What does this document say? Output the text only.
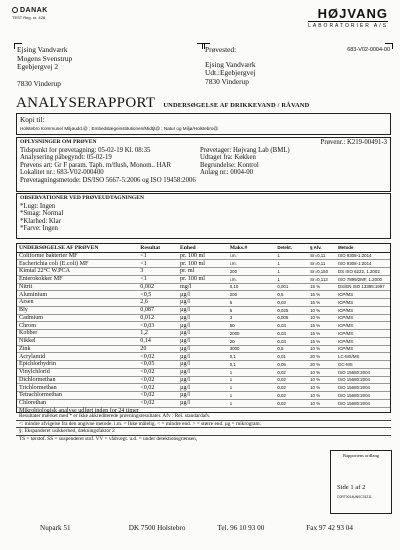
DANAK
TEST Reg. nr. 428	HØJVANG
LABORATORIER A/S
Ejsing Vandværk
Mogens Svenstrup
Egebjergvej 2

7830 Vinderup
Prøvested:	683-V02-0004-00
Ejsing Vandværk
Udt.:Egebjergvej
7830 Vinderup
ANALYSERAPPORT UNDERSØGELSE AF DRIKKEVAND / RÅVAND
Kopi til:
Holstebro Kommune/ Miljøudd.@ ; Embedslægeinstitutionen/Midtjt@ ; Natur og Miljø/Holstebro@
OPLYSNINGER OM PRØVEN	Prøvenr.: K219-00491-3
Tidspunkt for prøvetagning: 05-02-19 Kl. 08:35	Prøvetager: Højvang Lab (BML)
Analysering påbegyndt: 05-02-19	Udtaget fra: Køkken
Prøvens art: Gr F param. Taph. m/flush, Monom.. HAR	Begrundelse: Kontrol
Lokalitet nr.: 683-V02-000400	Anlæg nr.: 0004-00
Prøvetagningsmetode: DS/ISO 5667-5:2006 og ISO 19458:2006
OBSERVATIONER VED PRØVEUDTAGNINGEN
*Lugt: Ingen
*Smag: Normal
*Klarhed: Klar
*Farve: Ingen
UNDERSØGELSE AF PRØVEN	Resultat	Enhed	Maks.#	Detekt.	§ Afv.	Metode
Coliforme bakterier MF	<1	pr. 100 ml	i.m.	1	Sr=0,11	ISO 9308-1:2014
Escherichia coli (E.coli) MF	<1	pr. 100 ml	i.m.	1	Sr=0,11	ISO 9308-1:2014
Kimtal 22°C W.PCA	3	pr. ml	200	1	Sr=0,150	DS ISO 6222, 1.2002
Enterokokker MF	<1	pr. 100 ml	i.m.	1	Sr=0,113	ISO 7899/2MF, 1.2000
Nitrit	0,002	mg/l	0,10	0,001	15 %	DS/EN ISO 13395:1997
Aluminium	<0,5	µg/l	200	0,5	15 %	ICP/MS
Arsen	2,6	µg/l	5	0,03	15 %	ICP/MS
Bly	0,087	µg/l	5	0,025	10 %	ICP/MS
Cadmium	0,012	µg/l	3	0,005	10 %	ICP/MS
Chrom	<0,03	µg/l	50	0,03	15 %	ICP/MS
Kobber	1,2	µg/l	2000	0,03	15 %	ICP/MS
Nikkel	0,14	µg/l	20	0,03	15 %	ICP/MS
Zink	20	µg/l	3000	0,5	10 %	ICP/MS
Acrylamid	<0,02	µg/l	0,1	0,01	20 %	LC-MS/MS
Epichlorhydrin	<0,05	µg/l	0,1	0,05	20 %	GC-MS
Vinylchlorid	<0,02	µg/l	1	0,02	10 %	ISO 15680:2004
Dichlormethan	<0,02	µg/l	1	0,02	10 %	ISO 15680:2004
Trichlormethan	<0,02	µg/l	1	0,02	10 %	ISO 15680:2004
Tetrachlormethan	<0,02	µg/l	1	0,02	10 %	ISO 15680:2004
Chlorethan	<0,02	µg/l	1	0,02	10 %	ISO 15680:2004
Mikrobiologisk analyse udført inden for 24 timer						
Resultater mærket med * er ikke akkrediterede prøvningsresultater. Afv : Rel. standardafv.
<: mindre afvigelse fra den angivne metode. i.m. = Ikke målelig. < = mindre end. > = større end. µg = mikrogram.
§: Ekspanderet usikkerhed, dækningsfaktor 2
TS = tørstof. SS = suspenderet stof. VV = vådvægt. u.d. = under detektionsgrænsen,
Rapportens ordlang
Side 1 af 2
C0RT0014UN0C31211
Nupark 51	DK 7500 Holstebro	Tel. 96 10 93 00	Fax 97 42 93 04
